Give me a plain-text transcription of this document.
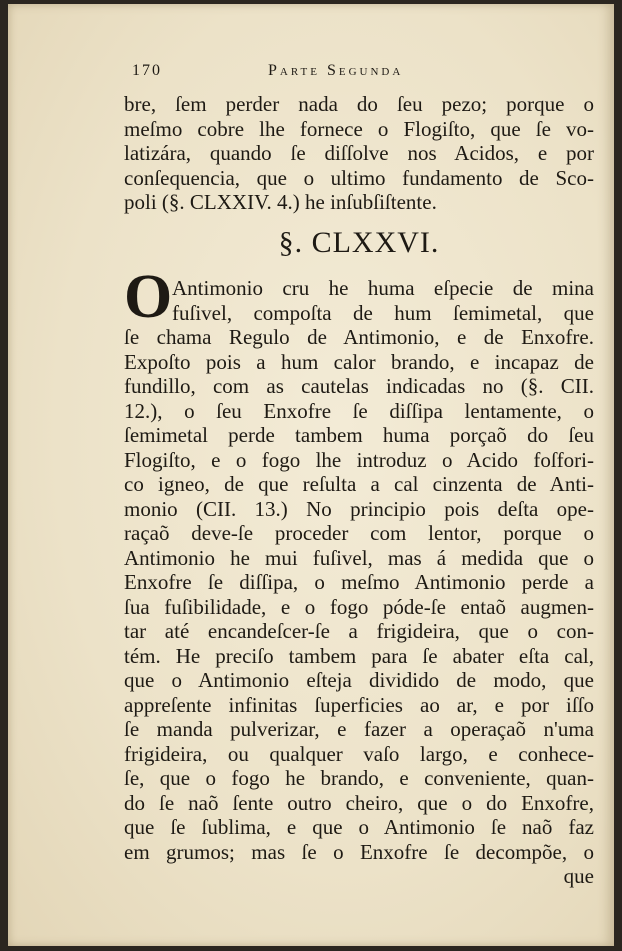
170	Parte Segunda
bre, ſem perder nada do ſeu pezo; porque o
meſmo cobre lhe fornece o Flogiſto, que ſe vo-
latizára, quando ſe diſſolve nos Acidos, e por
conſequencia, que o ultimo fundamento de Sco-
poli (§. CLXXIV. 4.) he inſubſiſtente.
§. CLXXVI.
O Antimonio cru he huma eſpecie de mina
fuſivel, compoſta de hum ſemimetal, que
ſe chama Regulo de Antimonio, e de Enxofre.
Expoſto pois a hum calor brando, e incapaz de
fundillo, com as cautelas indicadas no (§. CII.
12.), o ſeu Enxofre ſe diſſipa lentamente, o
ſemimetal perde tambem huma porçaõ do ſeu
Flogiſto, e o fogo lhe introduz o Acido foſfori-
co igneo, de que reſulta a cal cinzenta de Anti-
monio (CII. 13.) No principio pois deſta ope-
raçaõ deve-ſe proceder com lentor, porque o
Antimonio he mui fuſivel, mas á medida que o
Enxofre ſe diſſipa, o meſmo Antimonio perde a
ſua fuſibilidade, e o fogo póde-ſe entaõ augmen-
tar até encandeſcer-ſe a frigideira, que o con-
tém. He preciſo tambem para ſe abater eſta cal,
que o Antimonio eſteja dividido de modo, que
appreſente infinitas ſuperficies ao ar, e por iſſo
ſe manda pulverizar, e fazer a operaçaõ n'uma
frigideira, ou qualquer vaſo largo, e conhece-
ſe, que o fogo he brando, e conveniente, quan-
do ſe naõ ſente outro cheiro, que o do Enxofre,
que ſe ſublima, e que o Antimonio ſe naõ faz
em grumos; mas ſe o Enxofre ſe decompõe, o
que
